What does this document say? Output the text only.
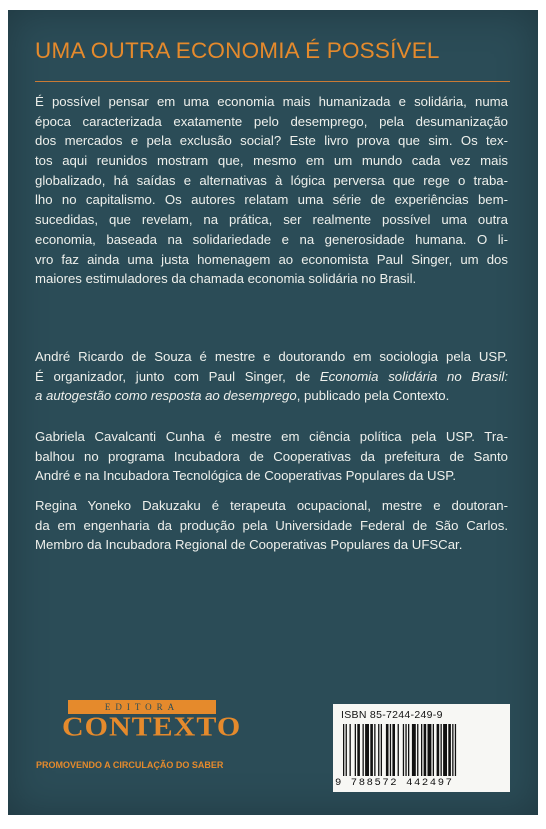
UMA OUTRA ECONOMIA É POSSÍVEL
É possível pensar em uma economia mais humanizada e solidária, numa
época caracterizada exatamente pelo desemprego, pela desumanização
dos mercados e pela exclusão social? Este livro prova que sim. Os tex-
tos aqui reunidos mostram que, mesmo em um mundo cada vez mais
globalizado, há saídas e alternativas à lógica perversa que rege o traba-
lho no capitalismo. Os autores relatam uma série de experiências bem-
sucedidas, que revelam, na prática, ser realmente possível uma outra
economia, baseada na solidariedade e na generosidade humana. O li-
vro faz ainda uma justa homenagem ao economista Paul Singer, um dos
maiores estimuladores da chamada economia solidária no Brasil.
André Ricardo de Souza é mestre e doutorando em sociologia pela USP.
É organizador, junto com Paul Singer, de Economia solidária no Brasil:
a autogestão como resposta ao desemprego, publicado pela Contexto.
Gabriela Cavalcanti Cunha é mestre em ciência política pela USP. Tra-
balhou no programa Incubadora de Cooperativas da prefeitura de Santo
André e na Incubadora Tecnológica de Cooperativas Populares da USP.
Regina Yoneko Dakuzaku é terapeuta ocupacional, mestre e doutoran-
da em engenharia da produção pela Universidade Federal de São Carlos.
Membro da Incubadora Regional de Cooperativas Populares da UFSCar.
EDITORA
CONTEXTO
PROMOVENDO A CIRCULAÇÃO DO SABER
ISBN 85-7244-249-9
9 788572 442497
